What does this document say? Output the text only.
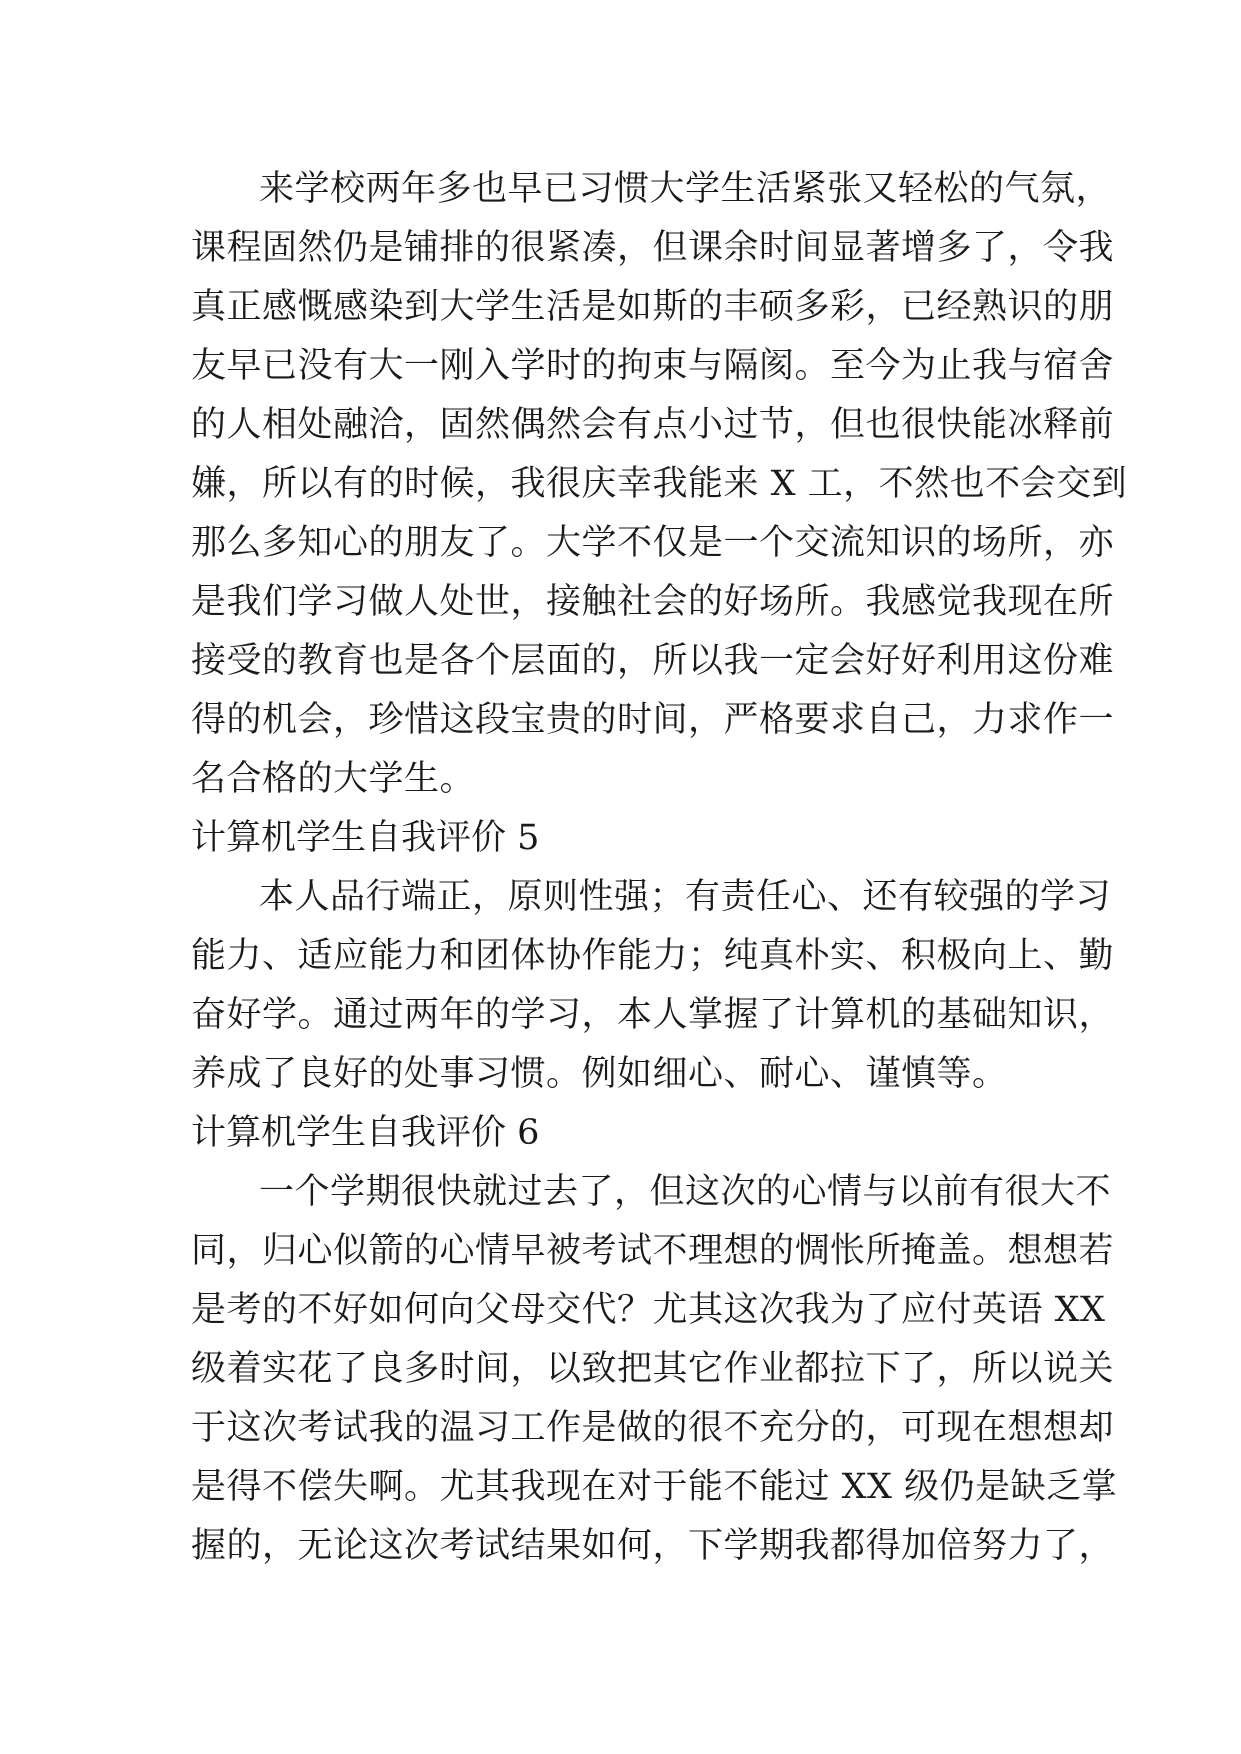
来学校两年多也早已习惯大学生活紧张又轻松的气氛，
课程固然仍是铺排的很紧凑，但课余时间显著增多了，令我
真正感慨感染到大学生活是如斯的丰硕多彩，已经熟识的朋
友早已没有大一刚入学时的拘束与隔阂。至今为止我与宿舍
的人相处融洽，固然偶然会有点小过节，但也很快能冰释前
嫌，所以有的时候，我很庆幸我能来 X 工，不然也不会交到
那么多知心的朋友了。大学不仅是一个交流知识的场所，亦
是我们学习做人处世，接触社会的好场所。我感觉我现在所
接受的教育也是各个层面的，所以我一定会好好利用这份难
得的机会，珍惜这段宝贵的时间，严格要求自己，力求作一
名合格的大学生。
计算机学生自我评价 5
本人品行端正，原则性强；有责任心、还有较强的学习
能力、适应能力和团体协作能力；纯真朴实、积极向上、勤
奋好学。通过两年的学习，本人掌握了计算机的基础知识，
养成了良好的处事习惯。例如细心、耐心、谨慎等。
计算机学生自我评价 6
一个学期很快就过去了，但这次的心情与以前有很大不
同，归心似箭的心情早被考试不理想的惆怅所掩盖。想想若
是考的不好如何向父母交代？尤其这次我为了应付英语 XX
级着实花了良多时间，以致把其它作业都拉下了，所以说关
于这次考试我的温习工作是做的很不充分的，可现在想想却
是得不偿失啊。尤其我现在对于能不能过 XX 级仍是缺乏掌
握的，无论这次考试结果如何，下学期我都得加倍努力了，
